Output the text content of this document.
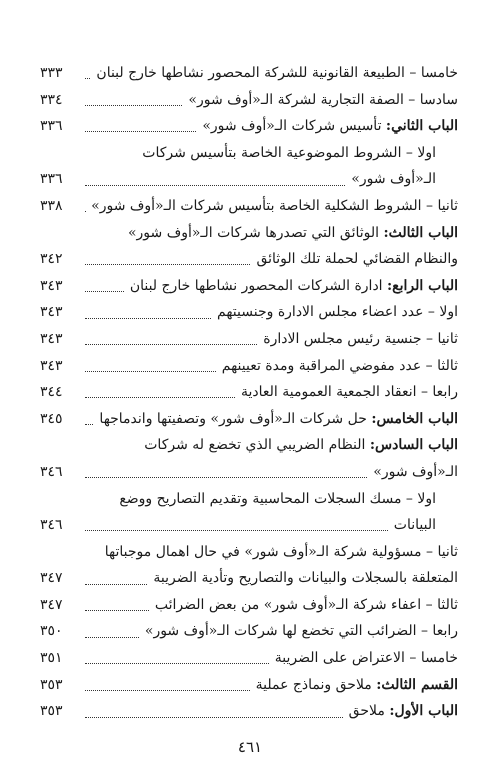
خامسا – الطبيعة القانونية للشركة المحصور نشاطها خارج لبنان
٣٣٣
سادسا – الصفة التجارية لشركة الـ«أوف شور»
٣٣٤
الباب الثاني: تأسيس شركات الـ«أوف شور»
٣٣٦
اولا – الشروط الموضوعية الخاصة بتأسيس شركات
الـ«أوف شور»
٣٣٦
ثانيا – الشروط الشكلية الخاصة بتأسيس شركات الـ«أوف شور»
٣٣٨
الباب الثالث: الوثائق التي تصدرها شركات الـ«أوف شور»
والنظام القضائي لحملة تلك الوثائق
٣٤٢
الباب الرابع: ادارة الشركات المحصور نشاطها خارج لبنان
٣٤٣
اولا – عدد اعضاء مجلس الادارة وجنسيتهم
٣٤٣
ثانيا – جنسية رئيس مجلس الادارة
٣٤٣
ثالثا – عدد مفوضي المراقبة ومدة تعيينهم
٣٤٣
رابعا – انعقاد الجمعية العمومية العادية
٣٤٤
الباب الخامس: حل شركات الـ«أوف شور» وتصفيتها واندماجها
٣٤٥
الباب السادس: النظام الضريبي الذي تخضع له شركات
الـ«أوف شور»
٣٤٦
اولا – مسك السجلات المحاسبية وتقديم التصاريح ووضع
البيانات
٣٤٦
ثانيا – مسؤولية شركة الـ«أوف شور» في حال اهمال موجباتها
المتعلقة بالسجلات والبيانات والتصاريح وتأدية الضريبة
٣٤٧
ثالثا – اعفاء شركة الـ«أوف شور» من بعض الضرائب
٣٤٧
رابعا – الضرائب التي تخضع لها شركات الـ«أوف شور»
٣٥٠
خامسا – الاعتراض على الضريبة
٣٥١
القسم الثالث: ملاحق ونماذج عملية
٣٥٣
الباب الأول: ملاحق
٣٥٣
٤٦١
